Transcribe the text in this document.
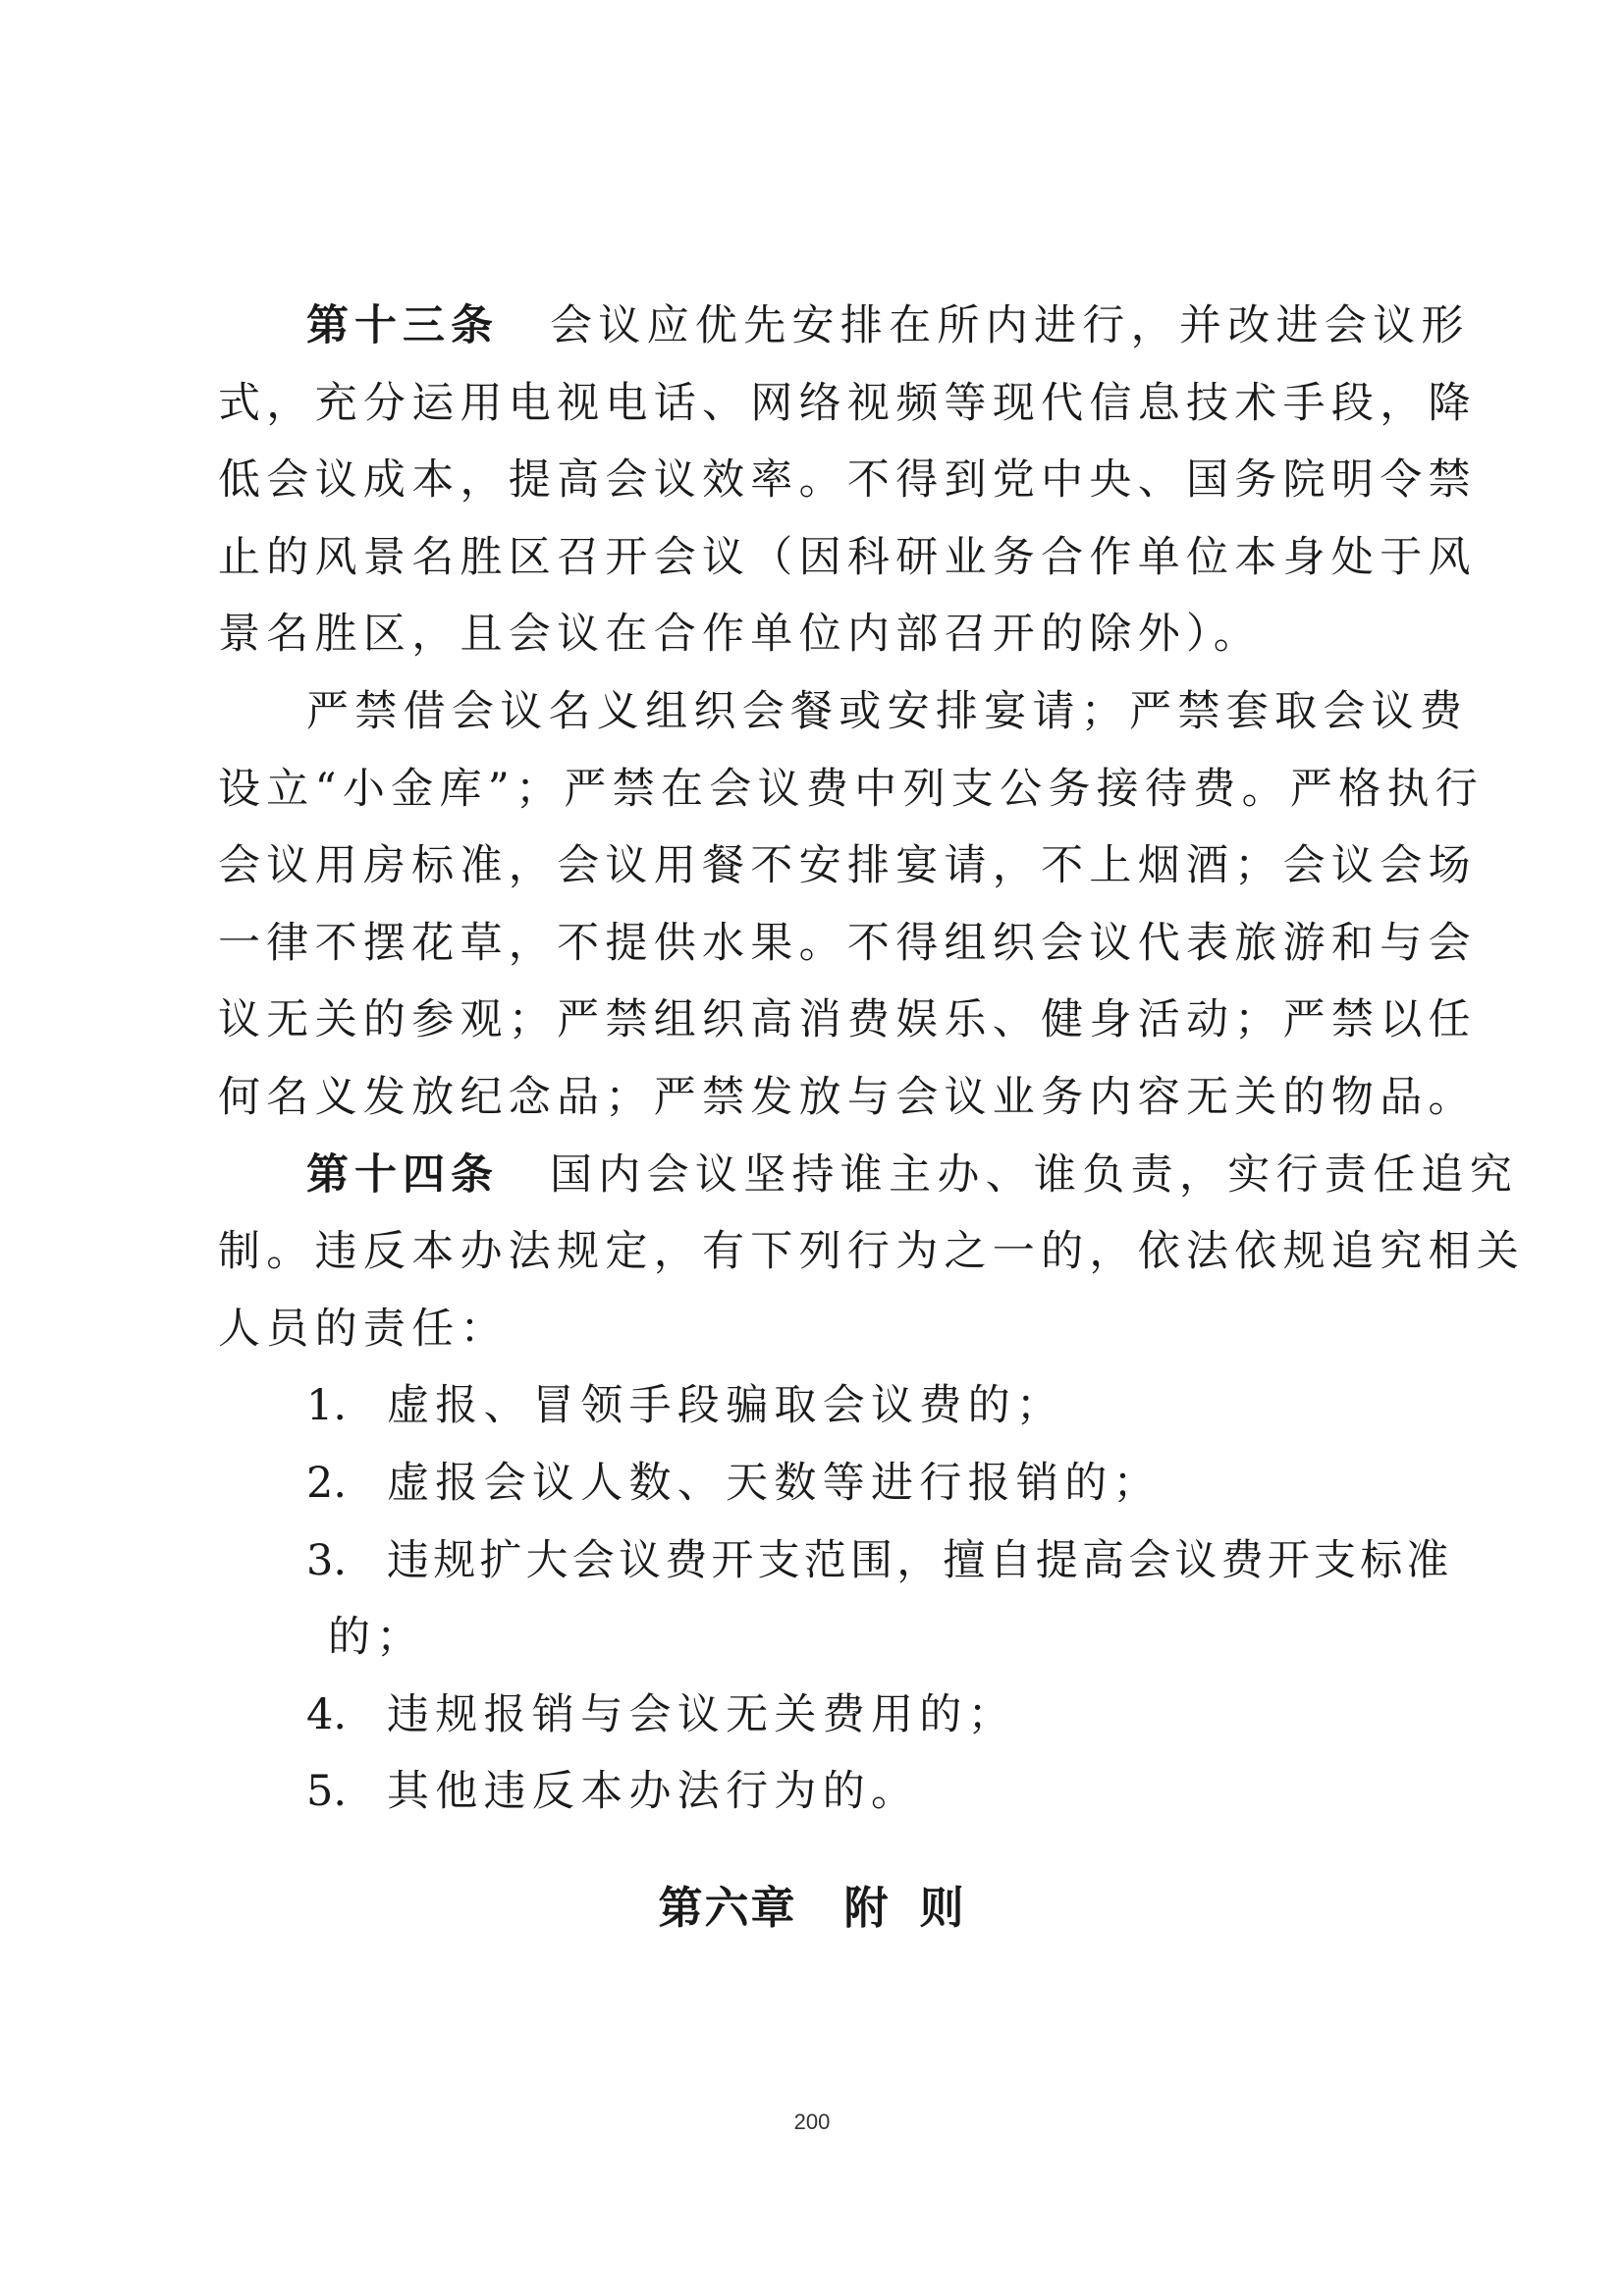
第十三条 会议应优先安排在所内进行，并改进会议形
式，充分运用电视电话、网络视频等现代信息技术手段，降
低会议成本，提高会议效率。不得到党中央、国务院明令禁
止的风景名胜区召开会议（因科研业务合作单位本身处于风
景名胜区，且会议在合作单位内部召开的除外）。
严禁借会议名义组织会餐或安排宴请；严禁套取会议费
设立“小金库”；严禁在会议费中列支公务接待费。严格执行
会议用房标准，会议用餐不安排宴请，不上烟酒；会议会场
一律不摆花草，不提供水果。不得组织会议代表旅游和与会
议无关的参观；严禁组织高消费娱乐、健身活动；严禁以任
何名义发放纪念品；严禁发放与会议业务内容无关的物品。
第十四条 国内会议坚持谁主办、谁负责，实行责任追究
制。违反本办法规定，有下列行为之一的，依法依规追究相关
人员的责任：
1. 虚报、冒领手段骗取会议费的；
2. 虚报会议人数、天数等进行报销的；
3. 违规扩大会议费开支范围，擅自提高会议费开支标准
的；
4. 违规报销与会议无关费用的；
5. 其他违反本办法行为的。
第六章 附 则
200
